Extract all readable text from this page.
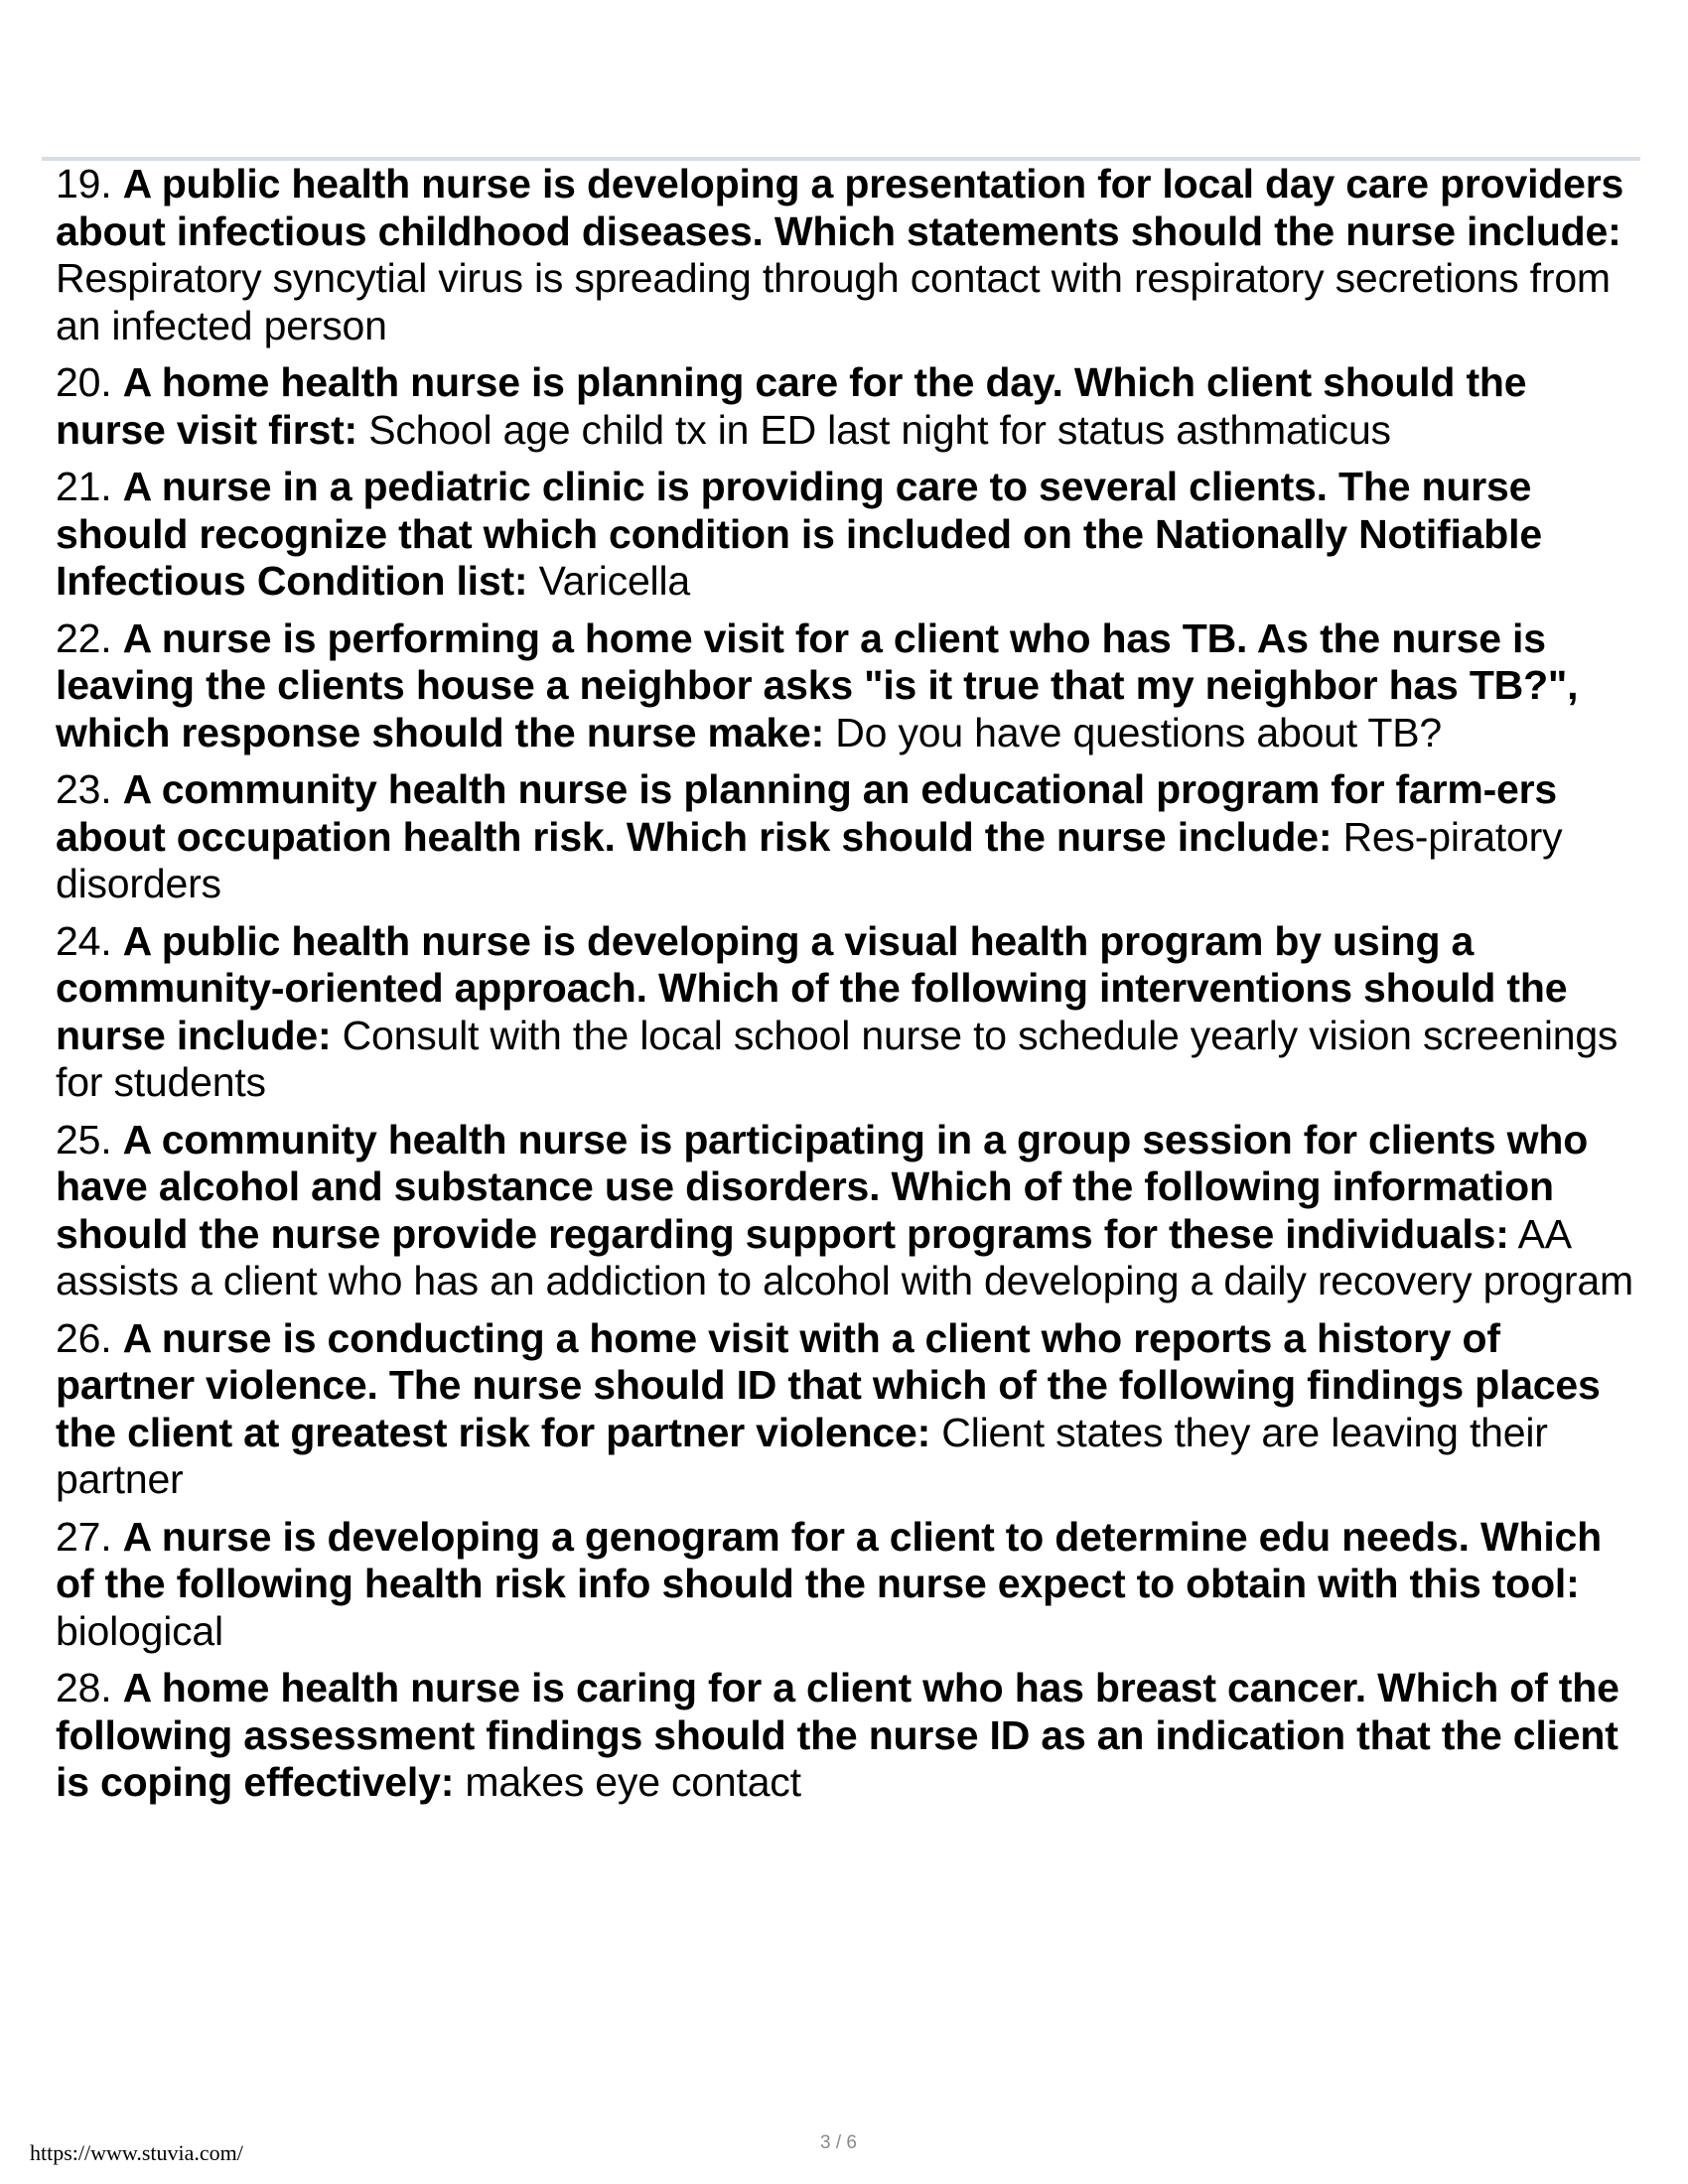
19. A public health nurse is developing a presentation for local day care providers about infectious childhood diseases. Which statements should the nurse include: Respiratory syncytial virus is spreading through contact with respiratory secretions from an infected person
20. A home health nurse is planning care for the day. Which client should the nurse visit first: School age child tx in ED last night for status asthmaticus
21. A nurse in a pediatric clinic is providing care to several clients. The nurse should recognize that which condition is included on the Nationally Notifiable Infectious Condition list: Varicella
22. A nurse is performing a home visit for a client who has TB. As the nurse is leaving the clients house a neighbor asks "is it true that my neighbor has TB?", which response should the nurse make: Do you have questions about TB?
23. A community health nurse is planning an educational program for farm-ers about occupation health risk. Which risk should the nurse include: Res-piratory disorders
24. A public health nurse is developing a visual health program by using a community-oriented approach. Which of the following interventions should the nurse include: Consult with the local school nurse to schedule yearly vision screenings for students
25. A community health nurse is participating in a group session for clients who have alcohol and substance use disorders. Which of the following information should the nurse provide regarding support programs for these individuals: AA assists a client who has an addiction to alcohol with developing a daily recovery program
26. A nurse is conducting a home visit with a client who reports a history of partner violence. The nurse should ID that which of the following findings places the client at greatest risk for partner violence: Client states they are leaving their partner
27. A nurse is developing a genogram for a client to determine edu needs. Which of the following health risk info should the nurse expect to obtain with this tool: biological
28. A home health nurse is caring for a client who has breast cancer. Which of the following assessment findings should the nurse ID as an indication that the client is coping effectively: makes eye contact
https://www.stuvia.com/	3 / 6
